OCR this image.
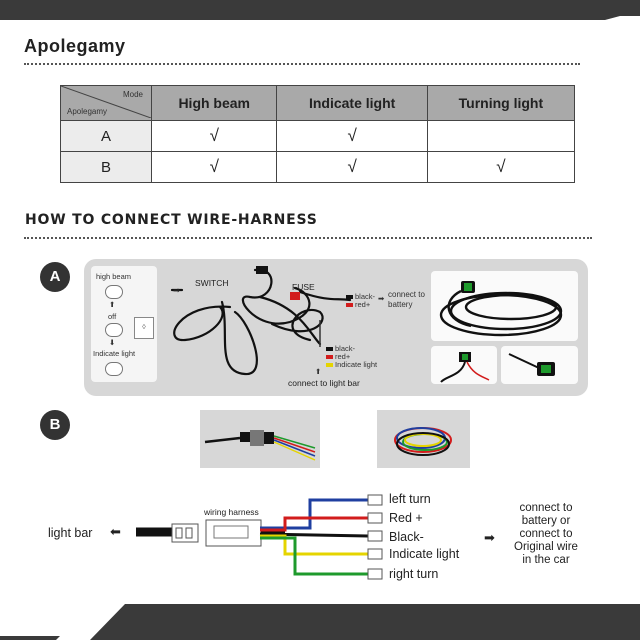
Apolegamy
Mode
Apolegamy	High beam	Indicate light	Turning light
A	√	√	
B	√	√	√
HOW TO CONNECT WIRE-HARNESS
A	high beam
⬆
off
◊
⬇
Indicate light
SWITCH
➡	FUSE
black-
red+
➡ connect to battery
black-
red+
Indicate light
⬆
connect to light bar
B
⬅
light bar
wiring harness
left turn
Red +
Black-
Indicate light
right turn
➡
connect to
battery or
connect to
Original wire
in the car
